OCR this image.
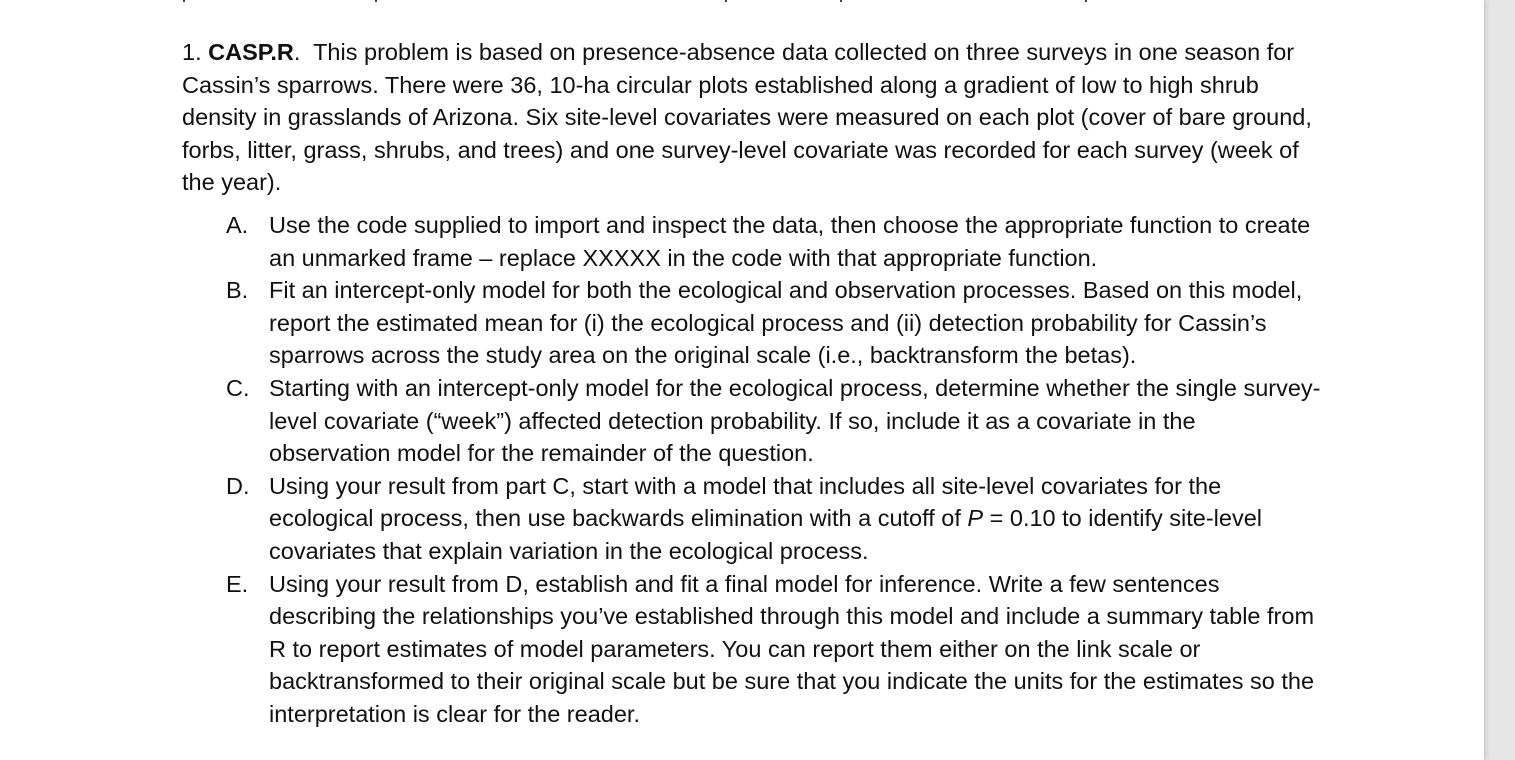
1. CASP.R. This problem is based on presence-absence data collected on three surveys in one season for Cassin’s sparrows. There were 36, 10-ha circular plots established along a gradient of low to high shrub density in grasslands of Arizona. Six site-level covariates were measured on each plot (cover of bare ground, forbs, litter, grass, shrubs, and trees) and one survey-level covariate was recorded for each survey (week of the year).

A. Use the code supplied to import and inspect the data, then choose the appropriate function to create an unmarked frame – replace XXXXX in the code with that appropriate function.
B. Fit an intercept-only model for both the ecological and observation processes. Based on this model, report the estimated mean for (i) the ecological process and (ii) detection probability for Cassin’s sparrows across the study area on the original scale (i.e., backtransform the betas).
C. Starting with an intercept-only model for the ecological process, determine whether the single survey-level covariate (“week”) affected detection probability. If so, include it as a covariate in the observation model for the remainder of the question.
D. Using your result from part C, start with a model that includes all site-level covariates for the ecological process, then use backwards elimination with a cutoff of P = 0.10 to identify site-level covariates that explain variation in the ecological process.
E. Using your result from D, establish and fit a final model for inference. Write a few sentences describing the relationships you’ve established through this model and include a summary table from R to report estimates of model parameters. You can report them either on the link scale or backtransformed to their original scale but be sure that you indicate the units for the estimates so the interpretation is clear for the reader.
